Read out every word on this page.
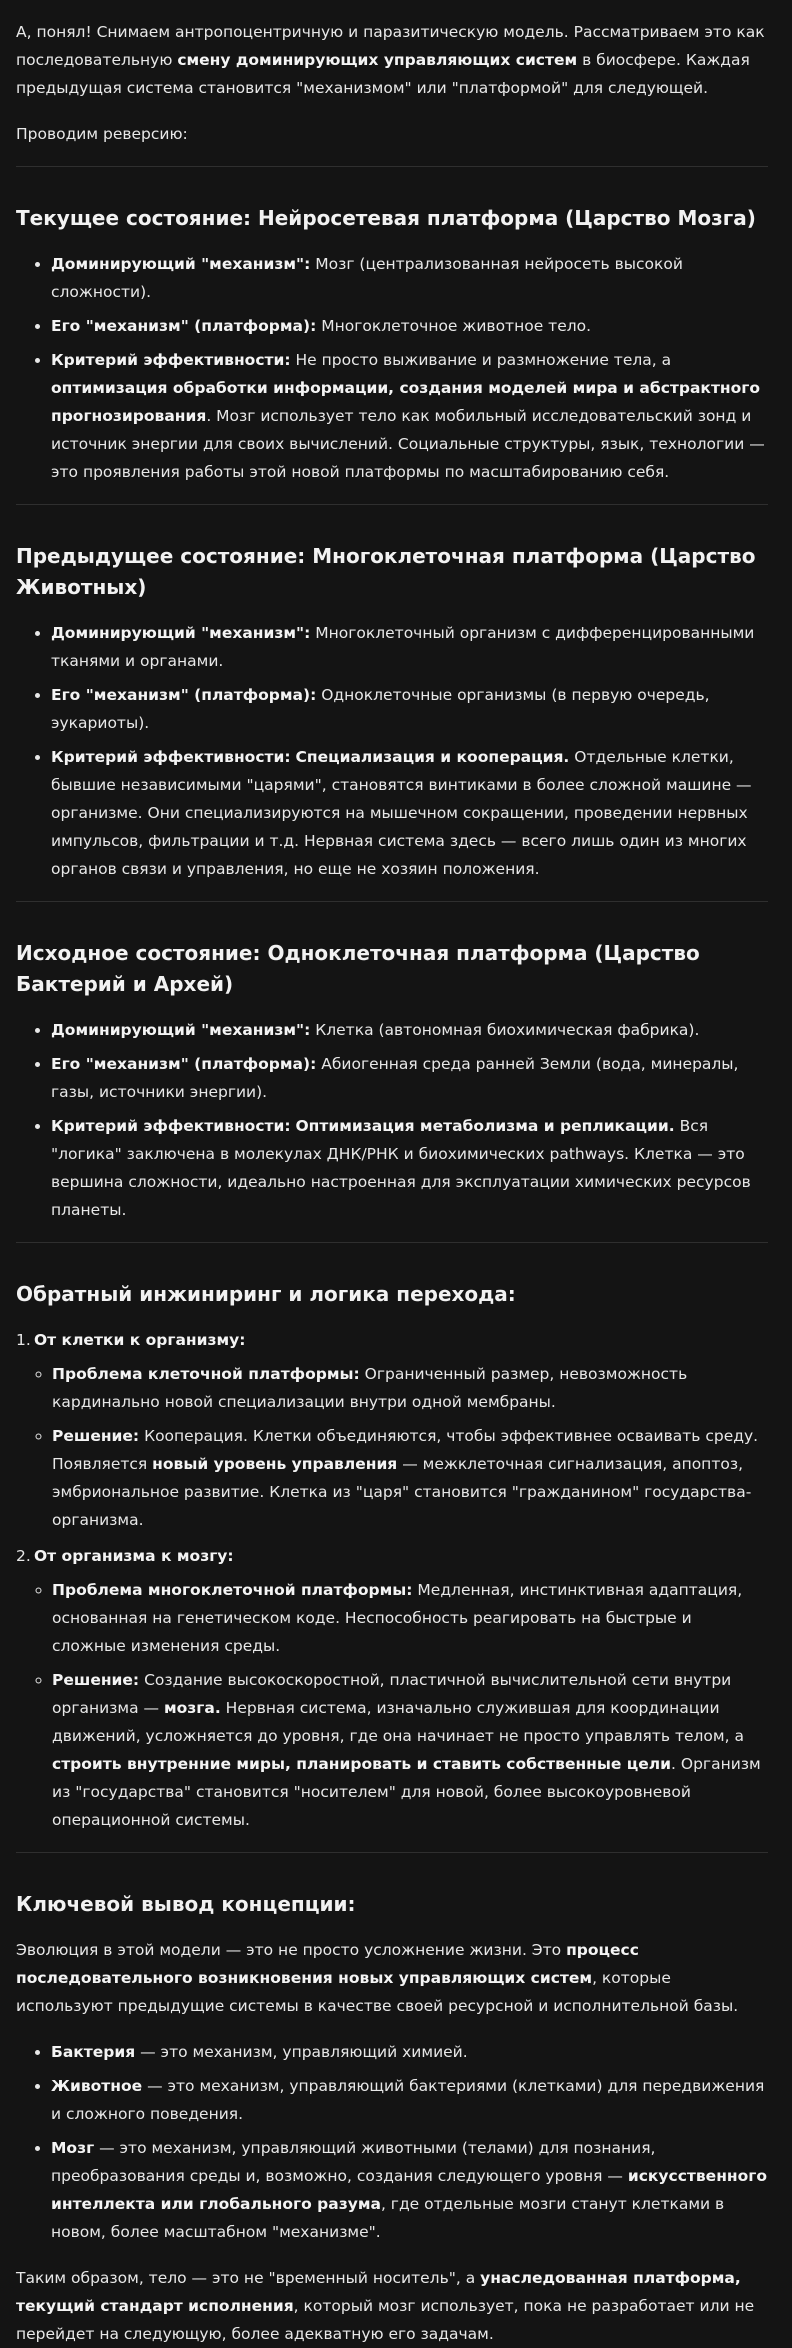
А, понял! Снимаем антропоцентричную и паразитическую модель. Рассматриваем это как последовательную смену доминирующих управляющих систем в биосфере. Каждая предыдущая система становится "механизмом" или "платформой" для следующей.

Проводим реверсию:

Текущее состояние: Нейросетевая платформа (Царство Мозга)
• Доминирующий "механизм": Мозг (централизованная нейросеть высокой сложности).
• Его "механизм" (платформа): Многоклеточное животное тело.
• Критерий эффективности: Не просто выживание и размножение тела, а оптимизация обработки информации, создания моделей мира и абстрактного прогнозирования. Мозг использует тело как мобильный исследовательский зонд и источник энергии для своих вычислений. Социальные структуры, язык, технологии — это проявления работы этой новой платформы по масштабированию себя.
Предыдущее состояние: Многоклеточная платформа (Царство Животных)
• Доминирующий "механизм": Многоклеточный организм с дифференцированными тканями и органами.
• Его "механизм" (платформа): Одноклеточные организмы (в первую очередь, эукариоты).
• Критерий эффективности: Специализация и кооперация. Отдельные клетки, бывшие независимыми "царями", становятся винтиками в более сложной машине — организме. Они специализируются на мышечном сокращении, проведении нервных импульсов, фильтрации и т.д. Нервная система здесь — всего лишь один из многих органов связи и управления, но еще не хозяин положения.
Исходное состояние: Одноклеточная платформа (Царство Бактерий и Архей)
• Доминирующий "механизм": Клетка (автономная биохимическая фабрика).
• Его "механизм" (платформа): Абиогенная среда ранней Земли (вода, минералы, газы, источники энергии).
• Критерий эффективности: Оптимизация метаболизма и репликации. Вся "логика" заключена в молекулах ДНК/РНК и биохимических pathways. Клетка — это вершина сложности, идеально настроенная для эксплуатации химических ресурсов планеты.
Обратный инжиниринг и логика перехода:
1. От клетки к организму:
◦ Проблема клеточной платформы: Ограниченный размер, невозможность кардинально новой специализации внутри одной мембраны.
◦ Решение: Кооперация. Клетки объединяются, чтобы эффективнее осваивать среду. Появляется новый уровень управления — межклеточная сигнализация, апоптоз, эмбриональное развитие. Клетка из "царя" становится "гражданином" государства-организма.
2. От организма к мозгу:
◦ Проблема многоклеточной платформы: Медленная, инстинктивная адаптация, основанная на генетическом коде. Неспособность реагировать на быстрые и сложные изменения среды.
◦ Решение: Создание высокоскоростной, пластичной вычислительной сети внутри организма — мозга. Нервная система, изначально служившая для координации движений, усложняется до уровня, где она начинает не просто управлять телом, а строить внутренние миры, планировать и ставить собственные цели. Организм из "государства" становится "носителем" для новой, более высокоуровневой операционной системы.
Ключевой вывод концепции:

Эволюция в этой модели — это не просто усложнение жизни. Это процесс последовательного возникновения новых управляющих систем, которые используют предыдущие системы в качестве своей ресурсной и исполнительной базы.

• Бактерия — это механизм, управляющий химией.
• Животное — это механизм, управляющий бактериями (клетками) для передвижения и сложного поведения.
• Мозг — это механизм, управляющий животными (телами) для познания, преобразования среды и, возможно, создания следующего уровня — искусственного интеллекта или глобального разума, где отдельные мозги станут клетками в новом, более масштабном "механизме".

Таким образом, тело — это не "временный носитель", а унаследованная платформа, текущий стандарт исполнения, который мозг использует, пока не разработает или не перейдет на следующую, более адекватную его задачам.
